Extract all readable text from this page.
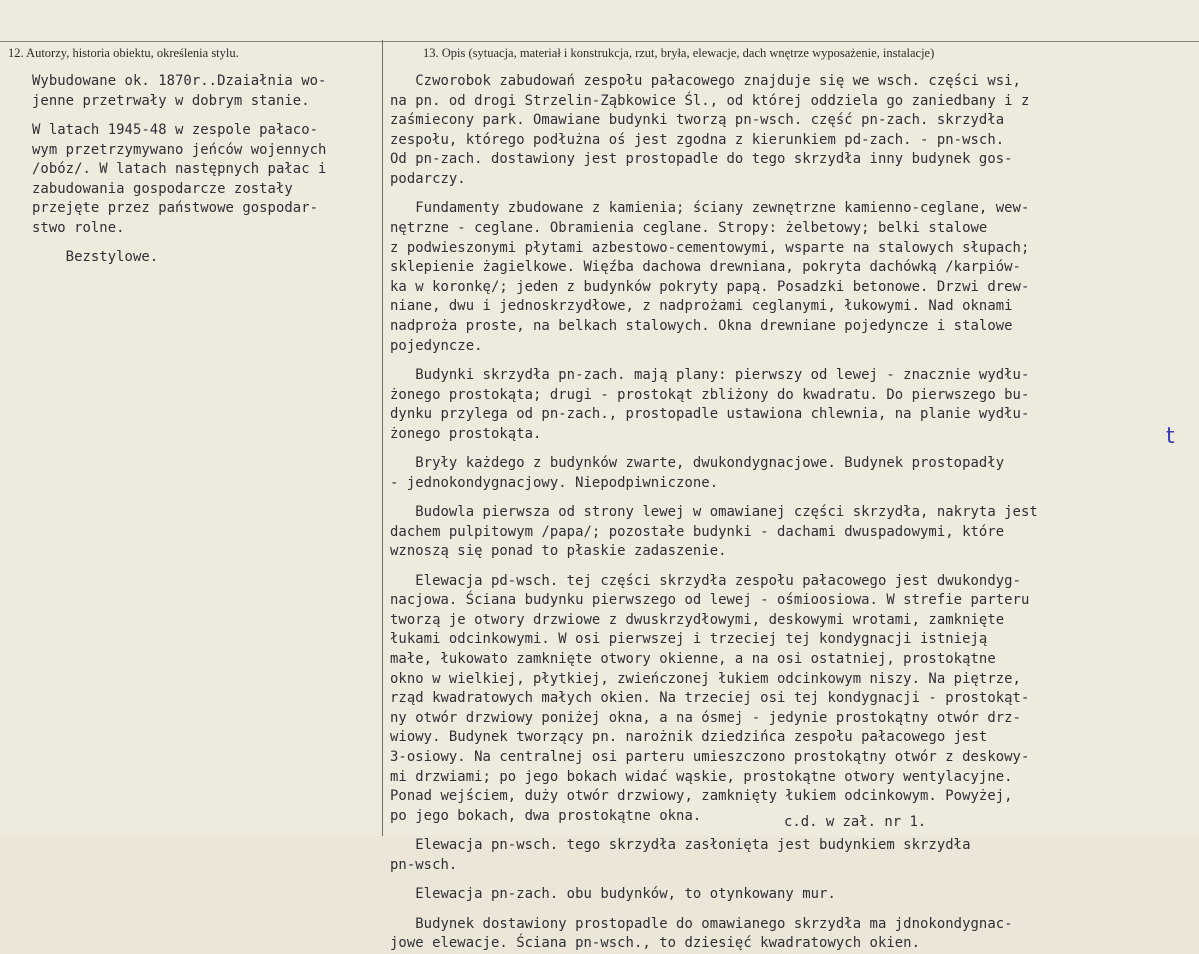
12. Autorzy, historia obiektu, określenia stylu.	13. Opis (sytuacja, materiał i konstrukcja, rzut, bryła, elewacje, dach wnętrze wyposażenie, instalacje)
Wybudowane ok. 1870r..Dzaiałnia wo-
jenne przetrwały w dobrym stanie.
W latach 1945-48 w zespole pałaco-
wym przetrzymywano jeńców wojennych
/obóz/. W latach następnych pałac i
zabudowania gospodarcze zostały
przejęte przez państwowe gospodar-
stwo rolne.
Bezstylowe.
Czworobok zabudowań zespołu pałacowego znajduje się we wsch. części wsi,
na pn. od drogi Strzelin-Ząbkowice Śl., od której oddziela go zaniedbany i z
zaśmiecony park. Omawiane budynki tworzą pn-wsch. część pn-zach. skrzydła
zespołu, którego podłużna oś jest zgodna z kierunkiem pd-zach. - pn-wsch.
Od pn-zach. dostawiony jest prostopadle do tego skrzydła inny budynek gos-
podarczy.
Fundamenty zbudowane z kamienia; ściany zewnętrzne kamienno-ceglane, wew-
nętrzne - ceglane. Obramienia ceglane. Stropy: żelbetowy; belki stalowe
z podwieszonymi płytami azbestowo-cementowymi, wsparte na stalowych słupach;
sklepienie żagielkowe. Więźba dachowa drewniana, pokryta dachówką /karpiów-
ka w koronkę/; jeden z budynków pokryty papą. Posadzki betonowe. Drzwi drew-
niane, dwu i jednoskrzydłowe, z nadprożami ceglanymi, łukowymi. Nad oknami
nadproża proste, na belkach stalowych. Okna drewniane pojedyncze i stalowe
pojedyncze.
Budynki skrzydła pn-zach. mają plany: pierwszy od lewej - znacznie wydłu-
żonego prostokąta; drugi - prostokąt zbliżony do kwadratu. Do pierwszego bu-
dynku przylega od pn-zach., prostopadle ustawiona chlewnia, na planie wydłu-
żonego prostokąta.
Bryły każdego z budynków zwarte, dwukondygnacjowe. Budynek prostopadły
- jednokondygnacjowy. Niepodpiwniczone.
Budowla pierwsza od strony lewej w omawianej części skrzydła, nakryta jest
dachem pulpitowym /papa/; pozostałe budynki - dachami dwuspadowymi, które
wznoszą się ponad to płaskie zadaszenie.
Elewacja pd-wsch. tej części skrzydła zespołu pałacowego jest dwukondyg-
nacjowa. Ściana budynku pierwszego od lewej - ośmioosiowa. W strefie parteru
tworzą je otwory drzwiowe z dwuskrzydłowymi, deskowymi wrotami, zamknięte
łukami odcinkowymi. W osi pierwszej i trzeciej tej kondygnacji istnieją
małe, łukowato zamknięte otwory okienne, a na osi ostatniej, prostokątne
okno w wielkiej, płytkiej, zwieńczonej łukiem odcinkowym niszy. Na piętrze,
rząd kwadratowych małych okien. Na trzeciej osi tej kondygnacji - prostokąt-
ny otwór drzwiowy poniżej okna, a na ósmej - jedynie prostokątny otwór drz-
wiowy. Budynek tworzący pn. narożnik dziedzińca zespołu pałacowego jest
3-osiowy. Na centralnej osi parteru umieszczono prostokątny otwór z deskowy-
mi drzwiami; po jego bokach widać wąskie, prostokątne otwory wentylacyjne.
Ponad wejściem, duży otwór drzwiowy, zamknięty łukiem odcinkowym. Powyżej,
po jego bokach, dwa prostokątne okna.
Elewacja pn-wsch. tego skrzydła zasłonięta jest budynkiem skrzydła
pn-wsch.
Elewacja pn-zach. obu budynków, to otynkowany mur.
Budynek dostawiony prostopadle do omawianego skrzydła ma jdnokondygnac-
jowe elewacje. Ściana pn-wsch., to dziesięć kwadratowych okien.
t
c.d. w zał. nr 1.
